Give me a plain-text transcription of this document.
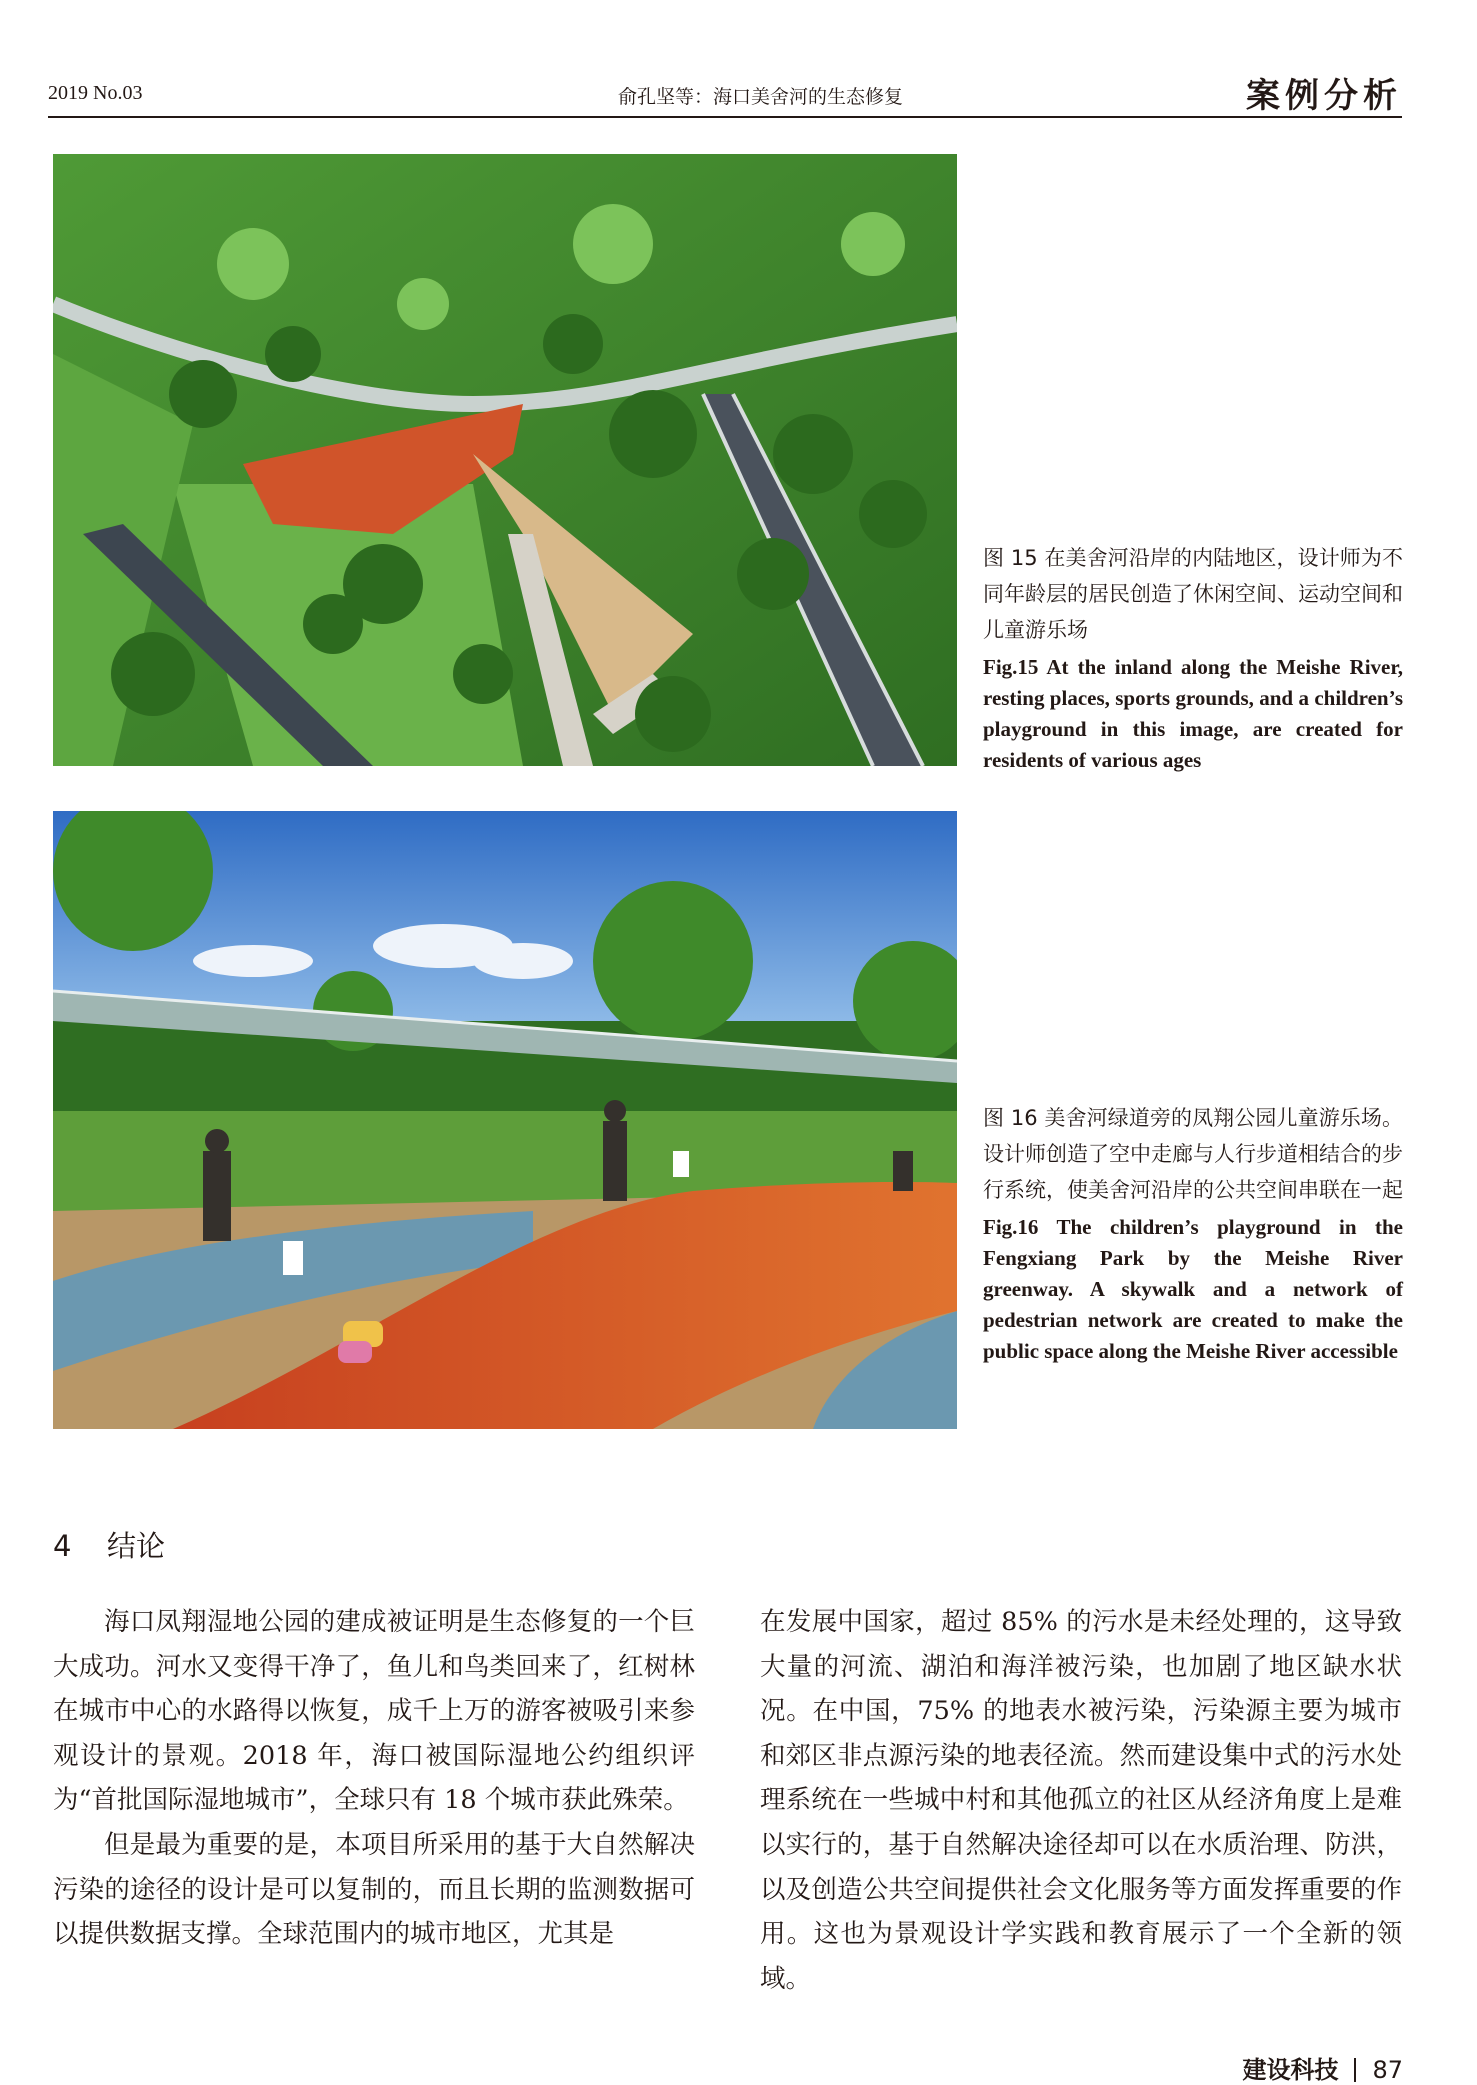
2019 No.03	俞孔坚等：海口美舍河的生态修复	案例分析

图 15 在美舍河沿岸的内陆地区，设计师为不同年龄层的居民创造了休闲空间、运动空间和儿童游乐场

Fig.15 At the inland along the Meishe River, resting places, sports grounds, and a children’s playground in this image, are created for residents of various ages

图 16 美舍河绿道旁的凤翔公园儿童游乐场。设计师创造了空中走廊与人行步道相结合的步行系统，使美舍河沿岸的公共空间串联在一起

Fig.16 The children’s playground in the Fengxiang Park by the Meishe River greenway. A skywalk and a network of pedestrian network are created to make the public space along the Meishe River accessible

4 结论

海口凤翔湿地公园的建成被证明是生态修复的一个巨大成功。河水又变得干净了，鱼儿和鸟类回来了，红树林在城市中心的水路得以恢复，成千上万的游客被吸引来参观设计的景观。2018 年，海口被国际湿地公约组织评为“首批国际湿地城市”，全球只有 18 个城市获此殊荣。

但是最为重要的是，本项目所采用的基于大自然解决污染的途径的设计是可以复制的，而且长期的监测数据可以提供数据支撑。全球范围内的城市地区，尤其是

在发展中国家，超过 85% 的污水是未经处理的，这导致大量的河流、湖泊和海洋被污染，也加剧了地区缺水状况。在中国，75% 的地表水被污染，污染源主要为城市和郊区非点源污染的地表径流。然而建设集中式的污水处理系统在一些城中村和其他孤立的社区从经济角度上是难以实行的，基于自然解决途径却可以在水质治理、防洪，以及创造公共空间提供社会文化服务等方面发挥重要的作用。这也为景观设计学实践和教育展示了一个全新的领域。

建设科技 87
